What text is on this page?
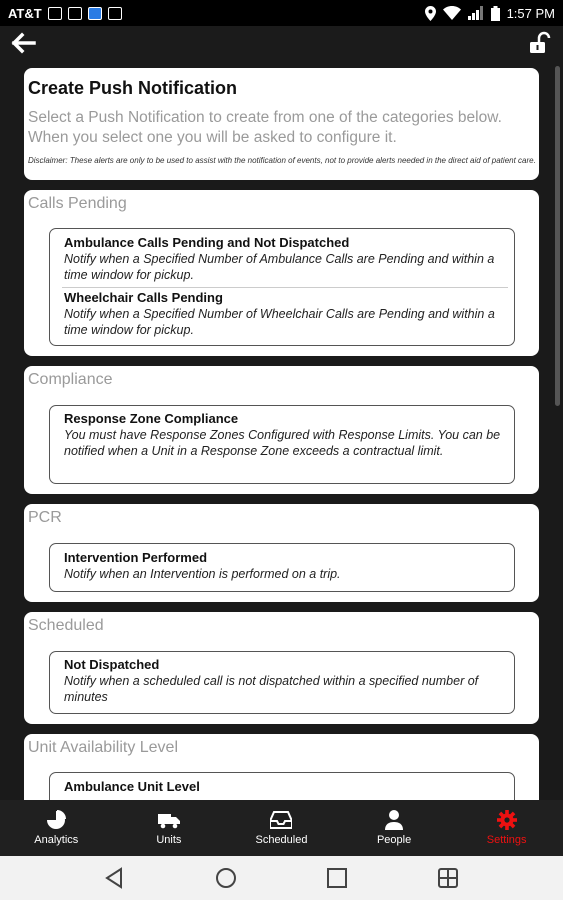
AT&T	1:57 PM
Create Push Notification
Select a Push Notification to create from one of the categories below. When you select one you will be asked to configure it.
Disclaimer: These alerts are only to be used to assist with the notification of events, not to provide alerts needed in the direct aid of patient care.
Calls Pending
Ambulance Calls Pending and Not Dispatched
Notify when a Specified Number of Ambulance Calls are Pending and within a time window for pickup.
Wheelchair Calls Pending
Notify when a Specified Number of Wheelchair Calls are Pending and within a time window for pickup.
Compliance
Response Zone Compliance
You must have Response Zones Configured with Response Limits. You can be notified when a Unit in a Response Zone exceeds a contractual limit.
PCR
Intervention Performed
Notify when an Intervention is performed on a trip.
Scheduled
Not Dispatched
Notify when a scheduled call is not dispatched within a specified number of minutes
Unit Availability Level
Ambulance Unit Level
Analytics	Units	Scheduled	People	Settings
